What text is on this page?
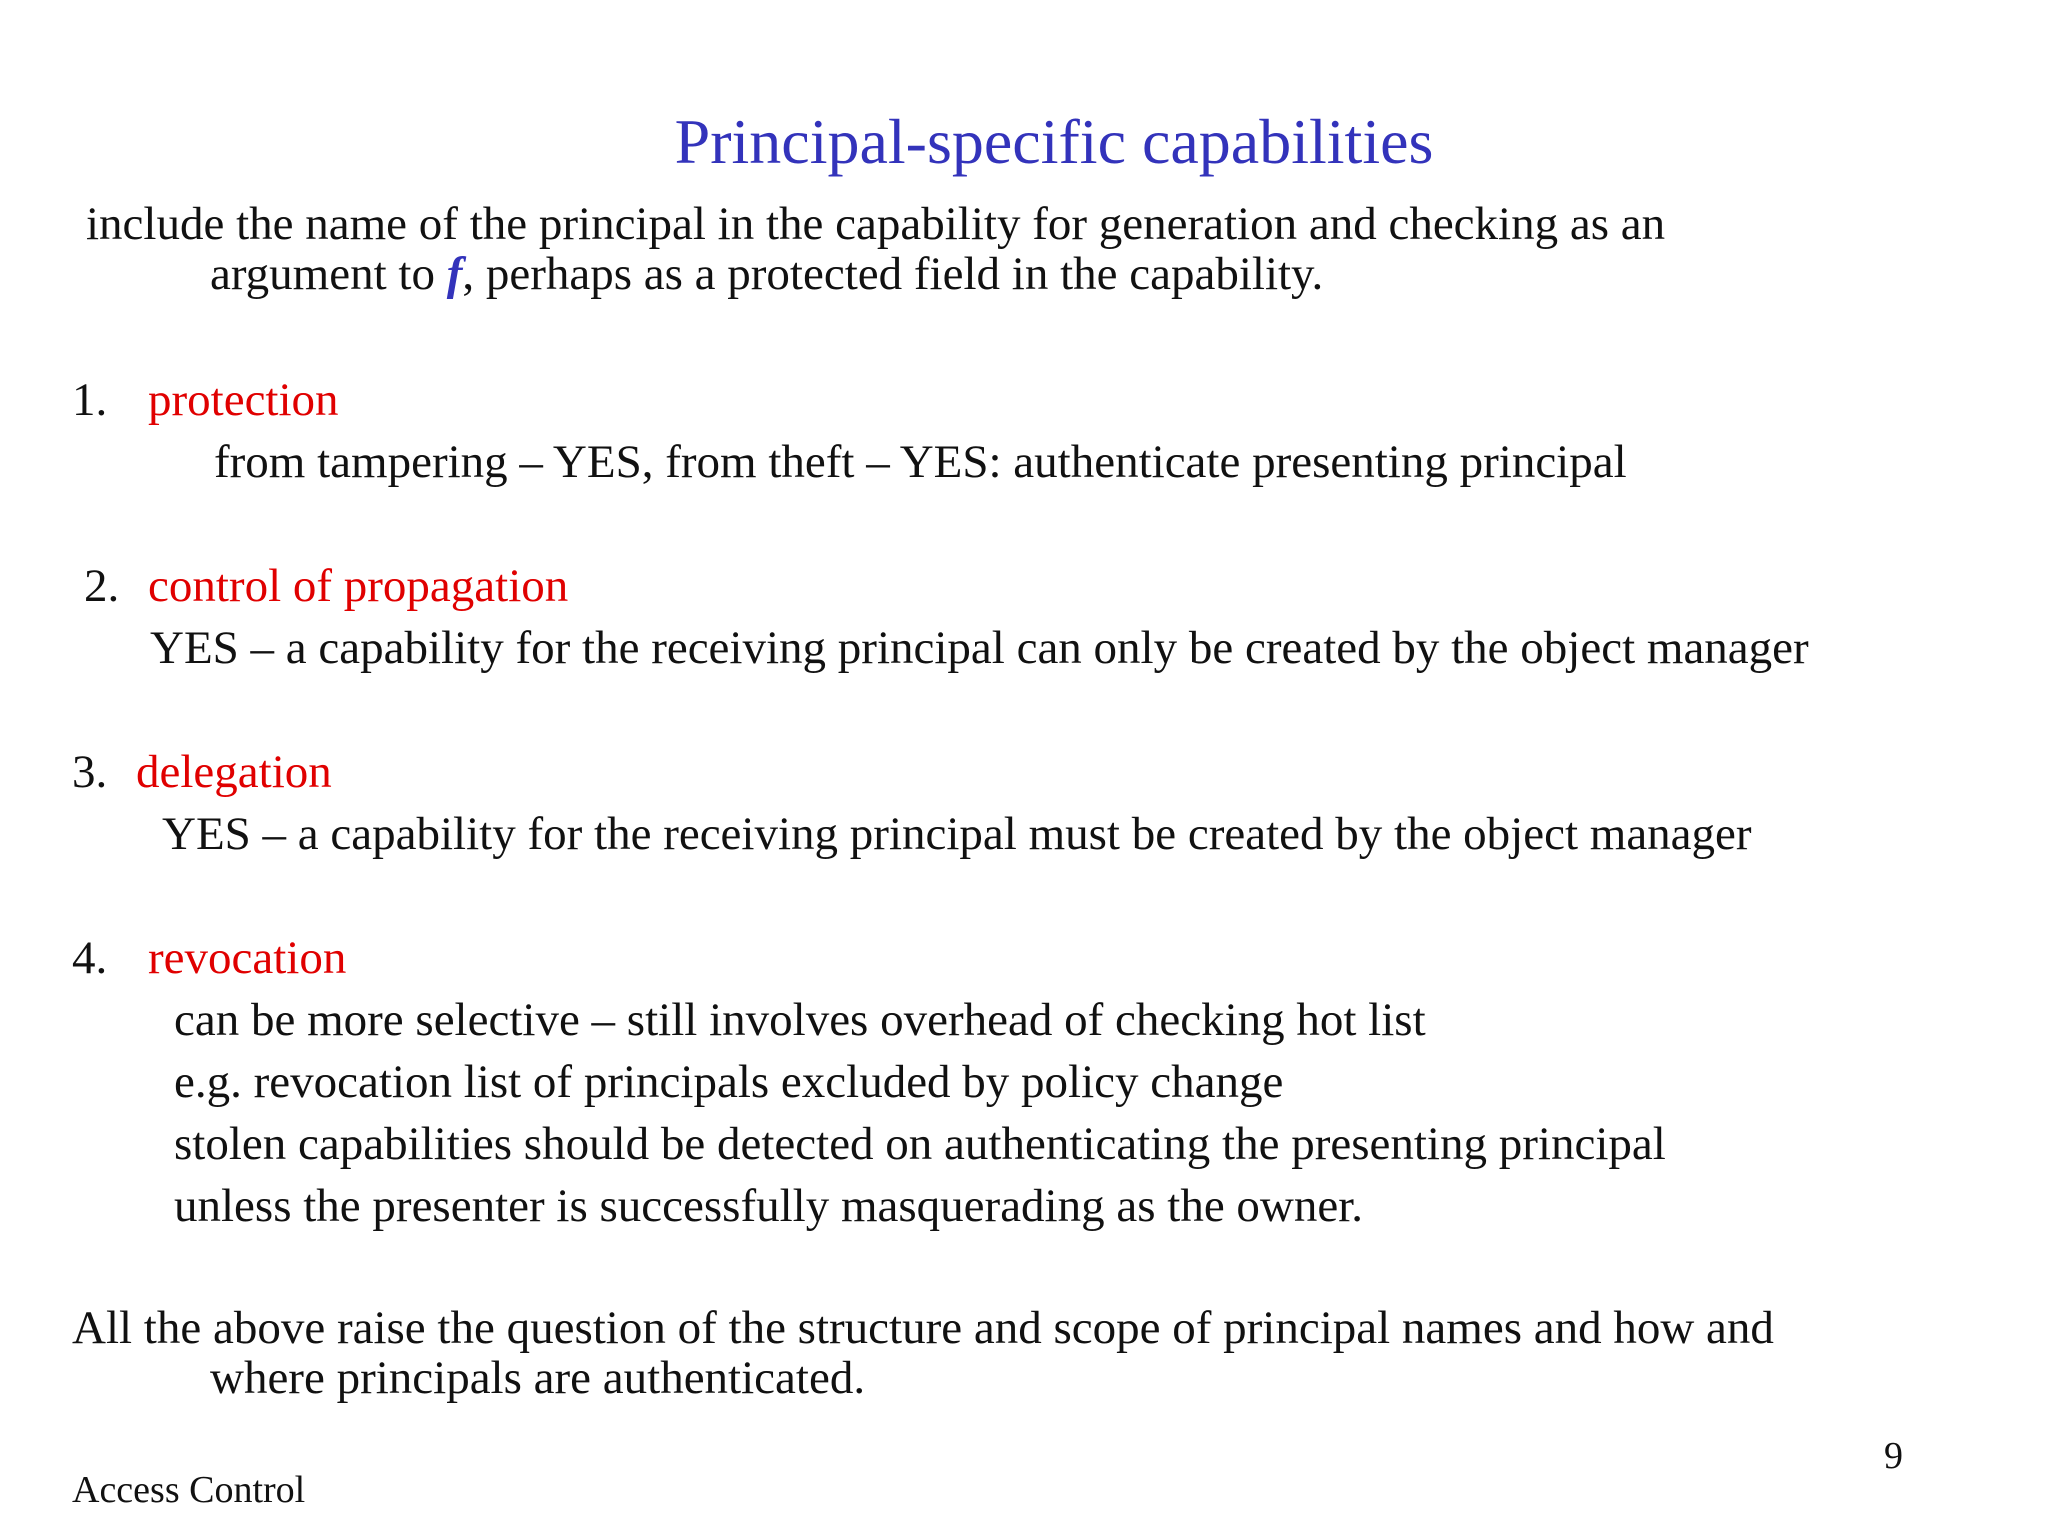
Principal-specific capabilities
include the name of the principal in the capability for generation and checking as an
argument to f, perhaps as a protected field in the capability.
1. protection
from tampering – YES, from theft – YES: authenticate presenting principal
2. control of propagation
YES – a capability for the receiving principal can only be created by the object manager
3. delegation
YES – a capability for the receiving principal must be created by the object manager
4. revocation
can be more selective – still involves overhead of checking hot list
e.g. revocation list of principals excluded by policy change
stolen capabilities should be detected on authenticating the presenting principal
unless the presenter is successfully masquerading as the owner.
All the above raise the question of the structure and scope of principal names and how and
where principals are authenticated.
9
Access Control
